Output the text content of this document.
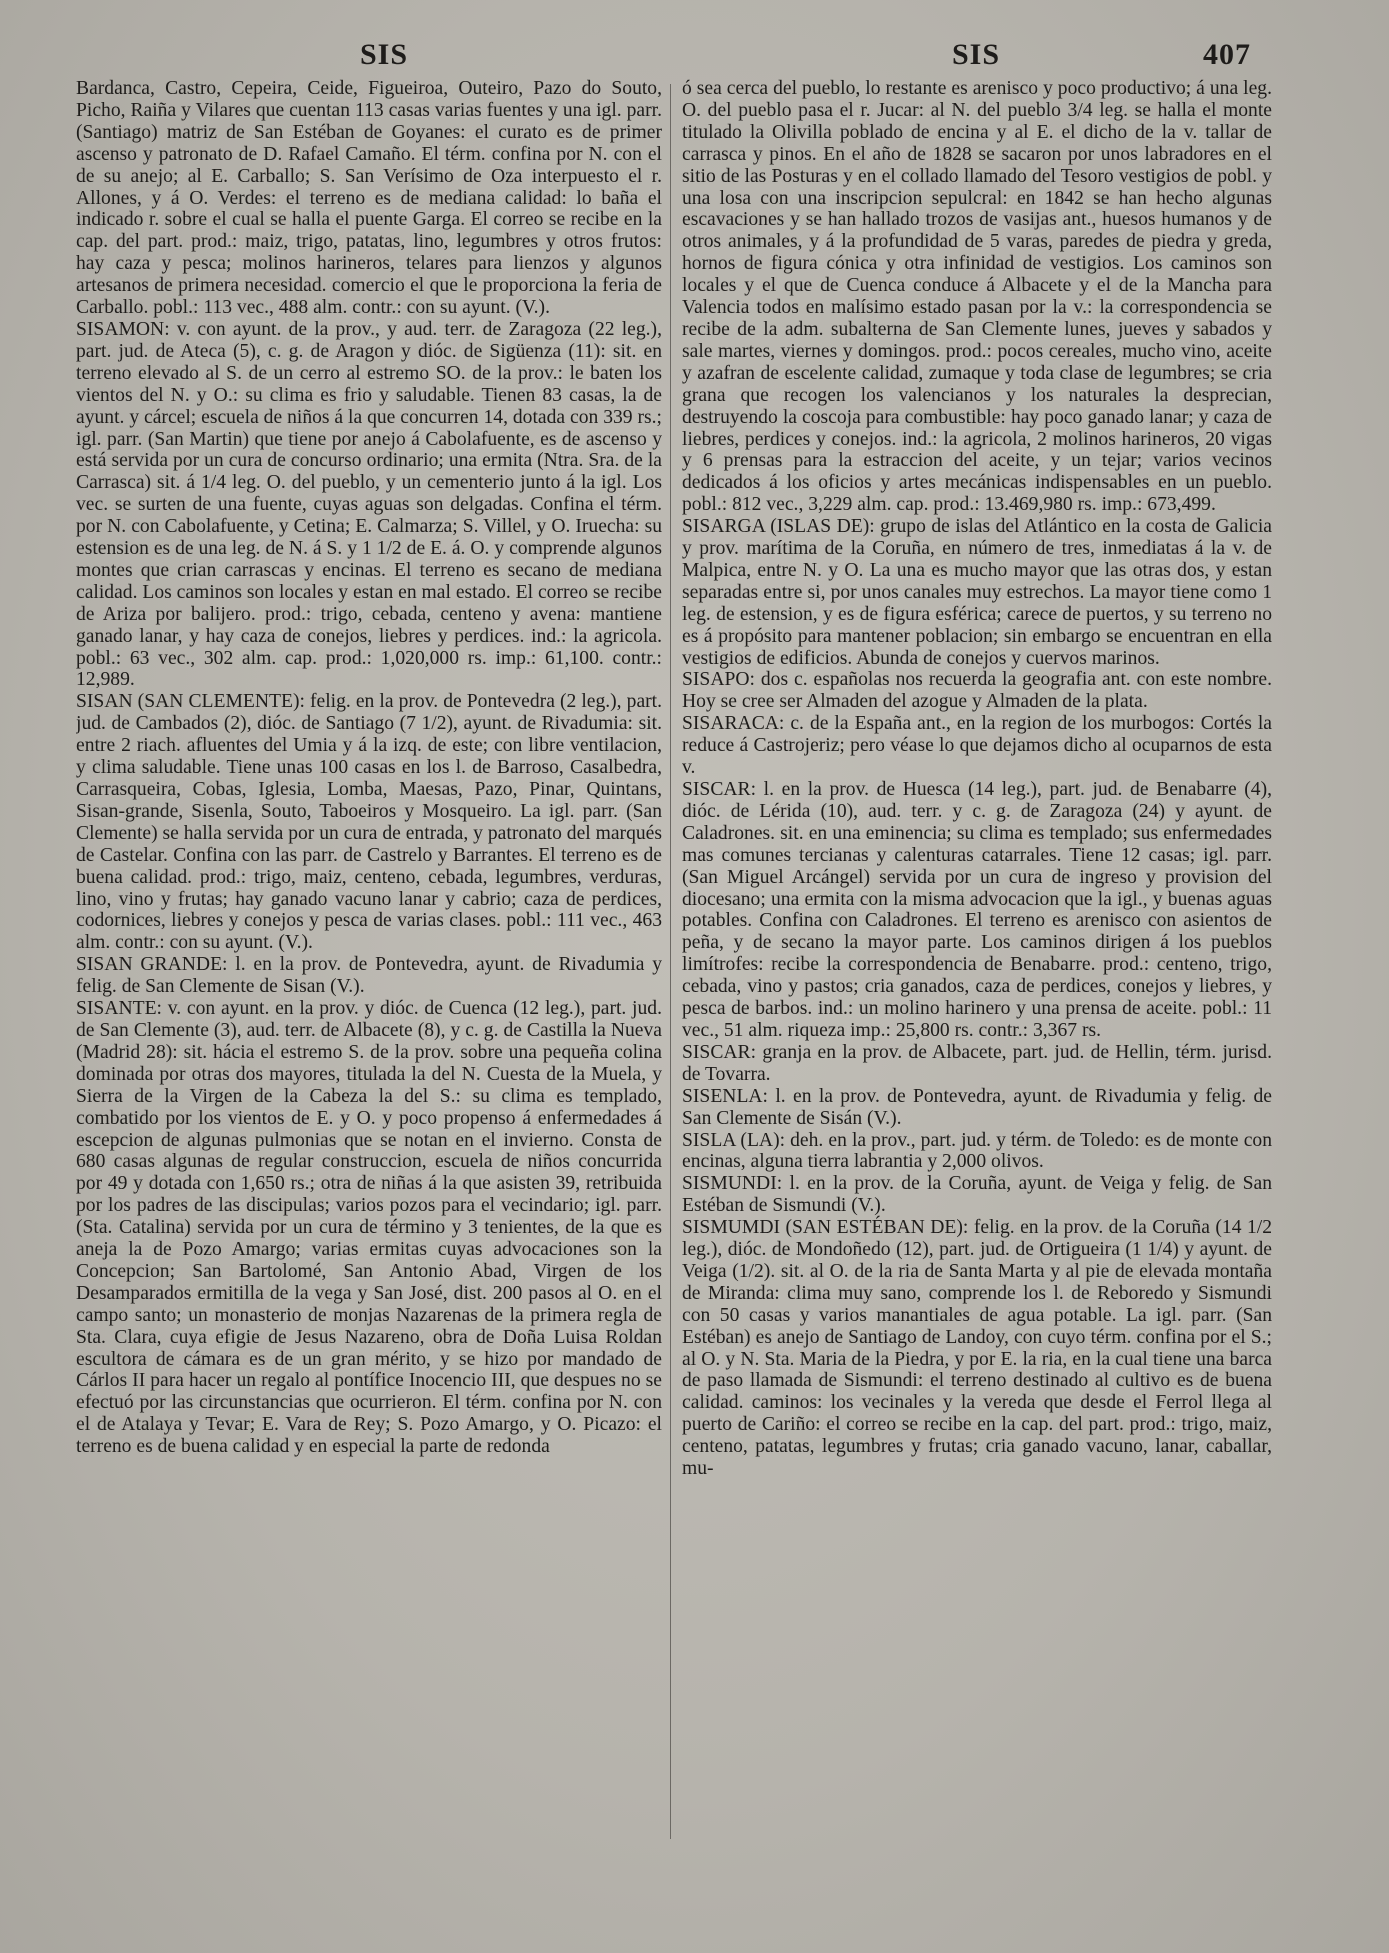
SIS	SIS	407

Bardanca, Castro, Cepeira, Ceide, Figueiroa, Outeiro, Pazo do Souto, Picho, Raiña y Vilares que cuentan 113 casas varias fuentes y una igl. parr. (Santiago) matriz de San Estéban de Goyanes: el curato es de primer ascenso y patronato de D. Rafael Camaño. El térm. confina por N. con el de su anejo; al E. Carballo; S. San Verísimo de Oza interpuesto el r. Allones, y á O. Verdes: el terreno es de mediana calidad: lo baña el indicado r. sobre el cual se halla el puente Garga. El correo se recibe en la cap. del part. prod.: maiz, trigo, patatas, lino, legumbres y otros frutos: hay caza y pesca; molinos harineros, telares para lienzos y algunos artesanos de primera necesidad. comercio el que le proporciona la feria de Carballo. pobl.: 113 vec., 488 alm. contr.: con su ayunt. (V.).

SISAMON: v. con ayunt. de la prov., y aud. terr. de Zaragoza (22 leg.), part. jud. de Ateca (5), c. g. de Aragon y dióc. de Sigüenza (11): sit. en terreno elevado al S. de un cerro al estremo SO. de la prov.: le baten los vientos del N. y O.: su clima es frio y saludable. Tienen 83 casas, la de ayunt. y cárcel; escuela de niños á la que concurren 14, dotada con 339 rs.; igl. parr. (San Martin) que tiene por anejo á Cabolafuente, es de ascenso y está servida por un cura de concurso ordinario; una ermita (Ntra. Sra. de la Carrasca) sit. á 1/4 leg. O. del pueblo, y un cementerio junto á la igl. Los vec. se surten de una fuente, cuyas aguas son delgadas. Confina el térm. por N. con Cabolafuente, y Cetina; E. Calmarza; S. Villel, y O. Iruecha: su estension es de una leg. de N. á S. y 1 1/2 de E. á. O. y comprende algunos montes que crian carrascas y encinas. El terreno es secano de mediana calidad. Los caminos son locales y estan en mal estado. El correo se recibe de Ariza por balijero. prod.: trigo, cebada, centeno y avena: mantiene ganado lanar, y hay caza de conejos, liebres y perdices. ind.: la agricola. pobl.: 63 vec., 302 alm. cap. prod.: 1,020,000 rs. imp.: 61,100. contr.: 12,989.

SISAN (SAN CLEMENTE): felig. en la prov. de Pontevedra (2 leg.), part. jud. de Cambados (2), dióc. de Santiago (7 1/2), ayunt. de Rivadumia: sit. entre 2 riach. afluentes del Umia y á la izq. de este; con libre ventilacion, y clima saludable. Tiene unas 100 casas en los l. de Barroso, Casalbedra, Carrasqueira, Cobas, Iglesia, Lomba, Maesas, Pazo, Pinar, Quintans, Sisan-grande, Sisenla, Souto, Taboeiros y Mosqueiro. La igl. parr. (San Clemente) se halla servida por un cura de entrada, y patronato del marqués de Castelar. Confina con las parr. de Castrelo y Barrantes. El terreno es de buena calidad. prod.: trigo, maiz, centeno, cebada, legumbres, verduras, lino, vino y frutas; hay ganado vacuno lanar y cabrio; caza de perdices, codornices, liebres y conejos y pesca de varias clases. pobl.: 111 vec., 463 alm. contr.: con su ayunt. (V.).

SISAN GRANDE: l. en la prov. de Pontevedra, ayunt. de Rivadumia y felig. de San Clemente de Sisan (V.).

SISANTE: v. con ayunt. en la prov. y dióc. de Cuenca (12 leg.), part. jud. de San Clemente (3), aud. terr. de Albacete (8), y c. g. de Castilla la Nueva (Madrid 28): sit. hácia el estremo S. de la prov. sobre una pequeña colina dominada por otras dos mayores, titulada la del N. Cuesta de la Muela, y Sierra de la Virgen de la Cabeza la del S.: su clima es templado, combatido por los vientos de E. y O. y poco propenso á enfermedades á escepcion de algunas pulmonias que se notan en el invierno. Consta de 680 casas algunas de regular construccion, escuela de niños concurrida por 49 y dotada con 1,650 rs.; otra de niñas á la que asisten 39, retribuida por los padres de las discipulas; varios pozos para el vecindario; igl. parr. (Sta. Catalina) servida por un cura de término y 3 tenientes, de la que es aneja la de Pozo Amargo; varias ermitas cuyas advocaciones son la Concepcion; San Bartolomé, San Antonio Abad, Virgen de los Desamparados ermitilla de la vega y San José, dist. 200 pasos al O. en el campo santo; un monasterio de monjas Nazarenas de la primera regla de Sta. Clara, cuya efigie de Jesus Nazareno, obra de Doña Luisa Roldan escultora de cámara es de un gran mérito, y se hizo por mandado de Cárlos II para hacer un regalo al pontífice Inocencio III, que despues no se efectuó por las circunstancias que ocurrieron. El térm. confina por N. con el de Atalaya y Tevar; E. Vara de Rey; S. Pozo Amargo, y O. Picazo: el terreno es de buena calidad y en especial la parte de redonda

ó sea cerca del pueblo, lo restante es arenisco y poco productivo; á una leg. O. del pueblo pasa el r. Jucar: al N. del pueblo 3/4 leg. se halla el monte titulado la Olivilla poblado de encina y al E. el dicho de la v. tallar de carrasca y pinos. En el año de 1828 se sacaron por unos labradores en el sitio de las Posturas y en el collado llamado del Tesoro vestigios de pobl. y una losa con una inscripcion sepulcral: en 1842 se han hecho algunas escavaciones y se han hallado trozos de vasijas ant., huesos humanos y de otros animales, y á la profundidad de 5 varas, paredes de piedra y greda, hornos de figura cónica y otra infinidad de vestigios. Los caminos son locales y el que de Cuenca conduce á Albacete y el de la Mancha para Valencia todos en malísimo estado pasan por la v.: la correspondencia se recibe de la adm. subalterna de San Clemente lunes, jueves y sabados y sale martes, viernes y domingos. prod.: pocos cereales, mucho vino, aceite y azafran de escelente calidad, zumaque y toda clase de legumbres; se cria grana que recogen los valencianos y los naturales la desprecian, destruyendo la coscoja para combustible: hay poco ganado lanar; y caza de liebres, perdices y conejos. ind.: la agricola, 2 molinos harineros, 20 vigas y 6 prensas para la estraccion del aceite, y un tejar; varios vecinos dedicados á los oficios y artes mecánicas indispensables en un pueblo. pobl.: 812 vec., 3,229 alm. cap. prod.: 13.469,980 rs. imp.: 673,499.

SISARGA (ISLAS DE): grupo de islas del Atlántico en la costa de Galicia y prov. marítima de la Coruña, en número de tres, inmediatas á la v. de Malpica, entre N. y O. La una es mucho mayor que las otras dos, y estan separadas entre si, por unos canales muy estrechos. La mayor tiene como 1 leg. de estension, y es de figura esférica; carece de puertos, y su terreno no es á propósito para mantener poblacion; sin embargo se encuentran en ella vestigios de edificios. Abunda de conejos y cuervos marinos.

SISAPO: dos c. españolas nos recuerda la geografia ant. con este nombre. Hoy se cree ser Almaden del azogue y Almaden de la plata.

SISARACA: c. de la España ant., en la region de los murbogos: Cortés la reduce á Castrojeriz; pero véase lo que dejamos dicho al ocuparnos de esta v.

SISCAR: l. en la prov. de Huesca (14 leg.), part. jud. de Benabarre (4), dióc. de Lérida (10), aud. terr. y c. g. de Zaragoza (24) y ayunt. de Caladrones. sit. en una eminencia; su clima es templado; sus enfermedades mas comunes tercianas y calenturas catarrales. Tiene 12 casas; igl. parr. (San Miguel Arcángel) servida por un cura de ingreso y provision del diocesano; una ermita con la misma advocacion que la igl., y buenas aguas potables. Confina con Caladrones. El terreno es arenisco con asientos de peña, y de secano la mayor parte. Los caminos dirigen á los pueblos limítrofes: recibe la correspondencia de Benabarre. prod.: centeno, trigo, cebada, vino y pastos; cria ganados, caza de perdices, conejos y liebres, y pesca de barbos. ind.: un molino harinero y una prensa de aceite. pobl.: 11 vec., 51 alm. riqueza imp.: 25,800 rs. contr.: 3,367 rs.

SISCAR: granja en la prov. de Albacete, part. jud. de Hellin, térm. jurisd. de Tovarra.

SISENLA: l. en la prov. de Pontevedra, ayunt. de Rivadumia y felig. de San Clemente de Sisán (V.).

SISLA (LA): deh. en la prov., part. jud. y térm. de Toledo: es de monte con encinas, alguna tierra labrantia y 2,000 olivos.

SISMUNDI: l. en la prov. de la Coruña, ayunt. de Veiga y felig. de San Estéban de Sismundi (V.).

SISMUMDI (SAN ESTÉBAN DE): felig. en la prov. de la Coruña (14 1/2 leg.), dióc. de Mondoñedo (12), part. jud. de Ortigueira (1 1/4) y ayunt. de Veiga (1/2). sit. al O. de la ria de Santa Marta y al pie de elevada montaña de Miranda: clima muy sano, comprende los l. de Reboredo y Sismundi con 50 casas y varios manantiales de agua potable. La igl. parr. (San Estéban) es anejo de Santiago de Landoy, con cuyo térm. confina por el S.; al O. y N. Sta. Maria de la Piedra, y por E. la ria, en la cual tiene una barca de paso llamada de Sismundi: el terreno destinado al cultivo es de buena calidad. caminos: los vecinales y la vereda que desde el Ferrol llega al puerto de Cariño: el correo se recibe en la cap. del part. prod.: trigo, maiz, centeno, patatas, legumbres y frutas; cria ganado vacuno, lanar, caballar, mu-
